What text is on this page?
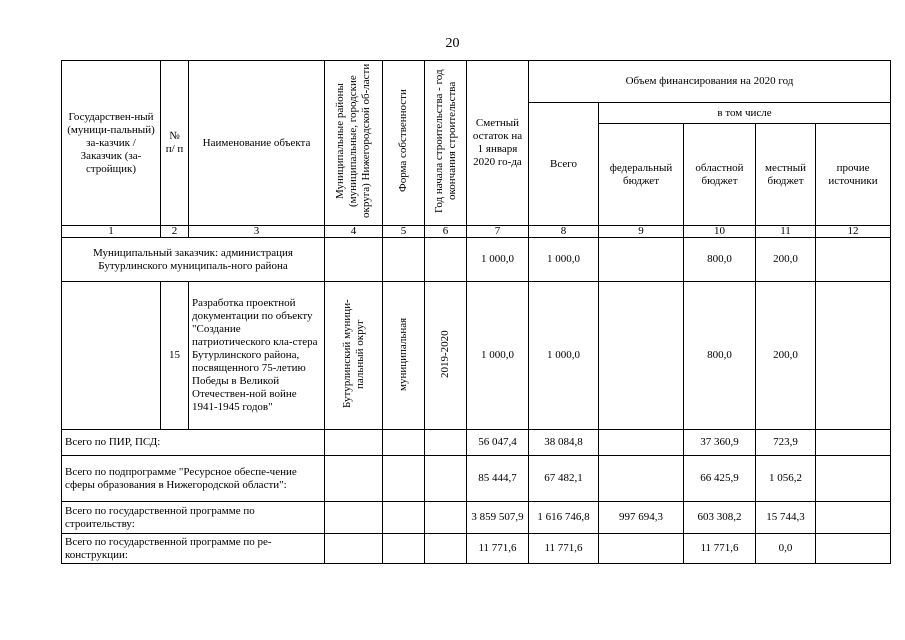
20
Государствен-ный (муници-пальный) за-казчик / Заказчик (за-стройщик)	№ п/ п	Наименование объекта	Муниципальные районы (муниципальные, городские округа) Нижегородской об-ласти	Форма собственности	Год начала строительства - год окончания строительства	Сметный остаток на 1 января 2020 го-да	Объем финансирования на 2020 год				
							Всего	в том числе			
								федеральный бюджет	областной бюджет	местный бюджет	прочие источники
1	2	3	4	5	6	7	8	9	10	11	12
Муниципальный заказчик: администрация Бутурлинского муниципаль-ного района						1 000,0	1 000,0		800,0	200,0	
	15	Разработка проектной документации по объекту "Создание патриотического кла-стера Бутурлинского района, посвященного 75-летию Победы в Великой Отечествен-ной войне 1941-1945 годов"	Бутурлинский муници-пальный округ	муниципальная	2019-2020	1 000,0	1 000,0		800,0	200,0	
Всего по ПИР, ПСД:						56 047,4	38 084,8		37 360,9	723,9	
Всего по подпрограмме "Ресурсное обеспе-чение сферы образования в Нижегородской области":						85 444,7	67 482,1		66 425,9	1 056,2	
Всего по государственной программе по строительству:						3 859 507,9	1 616 746,8	997 694,3	603 308,2	15 744,3	
Всего по государственной программе по ре-конструкции:						11 771,6	11 771,6		11 771,6	0,0	
